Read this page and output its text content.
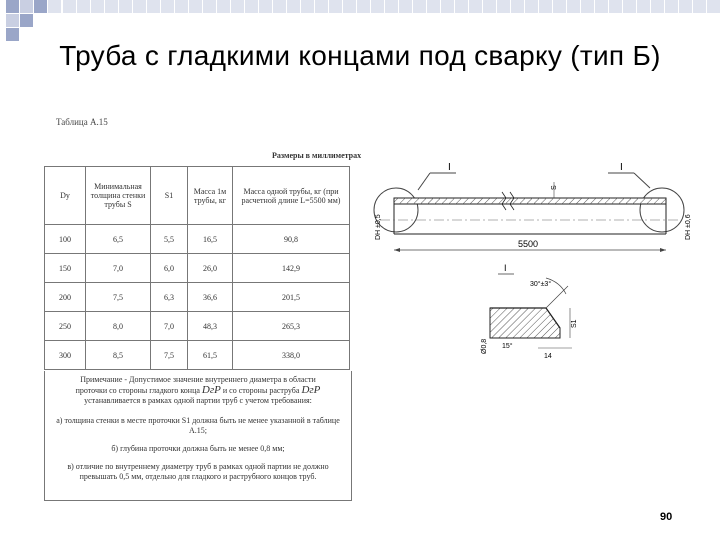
Труба с гладкими концами под сварку (тип Б)
Таблица А.15
Размеры в миллиметрах
Dy	Минимальная толщина стенки трубы S	S1	Масса 1м трубы, кг	Масса одной трубы, кг (при расчетной длине L=5500 мм)
100	6,5	5,5	16,5	90,8
150	7,0	6,0	26,0	142,9
200	7,5	6,3	36,6	201,5
250	8,0	7,0	48,3	265,3
300	8,5	7,5	61,5	338,0

Примечание - Допустимое значение внутреннего диаметра в области
проточки со стороны гладкого конца DгP и со стороны раструба DгР
устанавливается в рамках одной партии труб с учетом требования:

а) толщина стенки в месте проточки S1 должна быть не менее указанной в таблице А.15;

б) глубина проточки должна быть не менее 0,8 мм;

в) отличие по внутреннему диаметру труб в рамках одной партии не должно превышать 0,5 мм, отдельно для гладкого и раструбного концов труб.

I	I
S
DH ±0,5	DH ±0,6
5500
I
30°±3°
S1
14
Ø0,8 15°
90
